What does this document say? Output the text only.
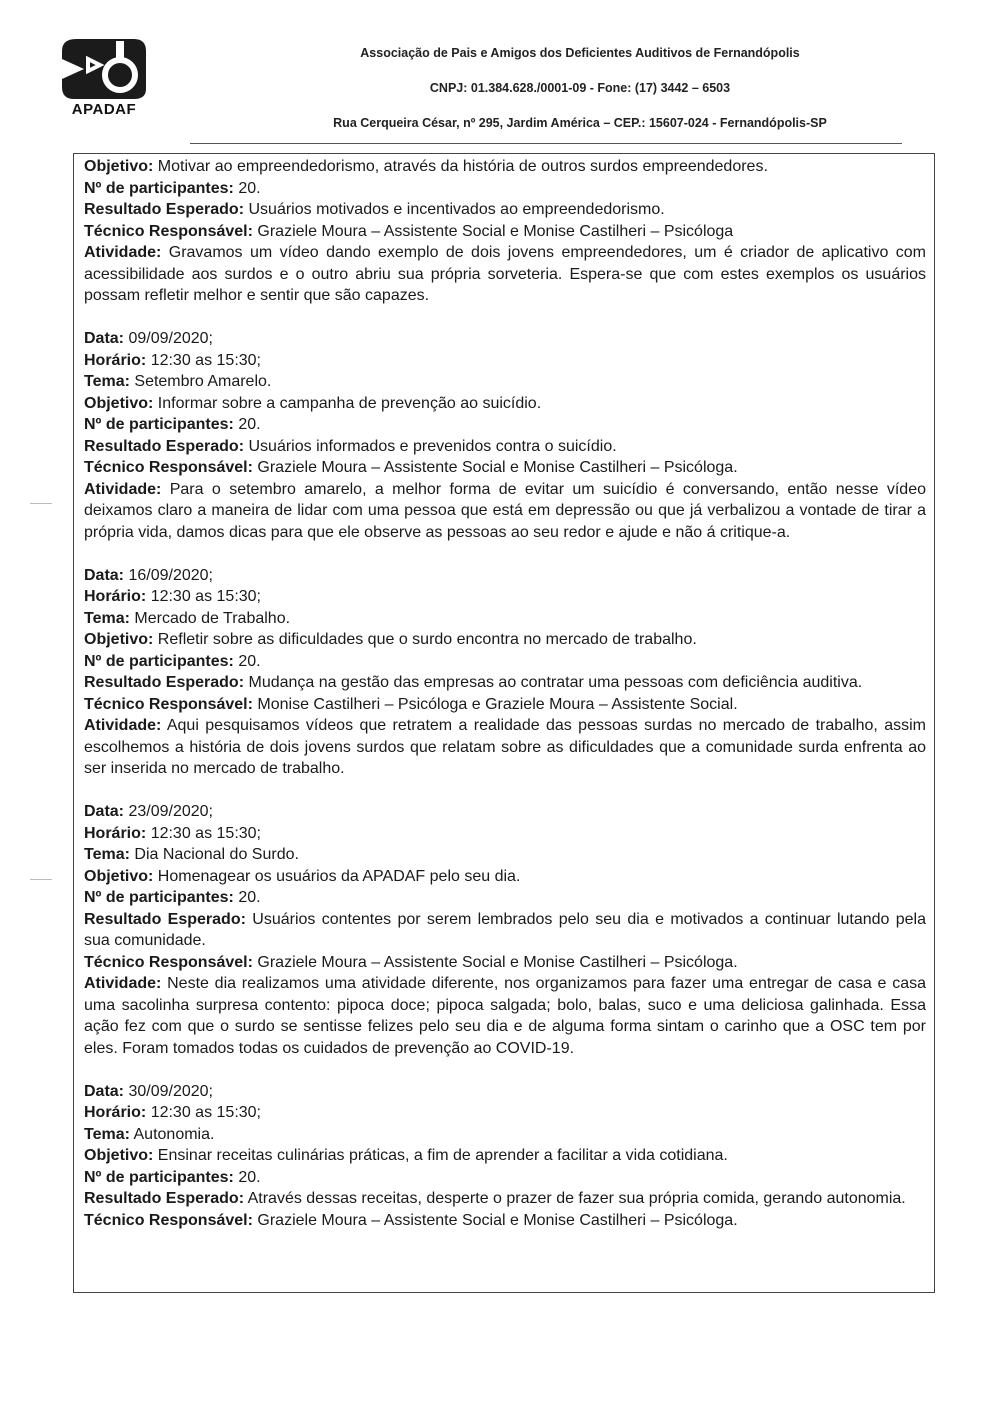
APADAF
Associação de Pais e Amigos dos Deficientes Auditivos de Fernandópolis
CNPJ: 01.384.628./0001-09 - Fone: (17) 3442 – 6503
Rua Cerqueira César, nº 295, Jardim América – CEP.: 15607-024 - Fernandópolis-SP

Objetivo: Motivar ao empreendedorismo, através da história de outros surdos empreendedores.

Nº de participantes: 20.

Resultado Esperado: Usuários motivados e incentivados ao empreendedorismo.

Técnico Responsável: Graziele Moura – Assistente Social e Monise Castilheri – Psicóloga

Atividade: Gravamos um vídeo dando exemplo de dois jovens empreendedores, um é criador de aplicativo com acessibilidade aos surdos e o outro abriu sua própria sorveteria. Espera-se que com estes exemplos os usuários possam refletir melhor e sentir que são capazes.

Data: 09/09/2020;

Horário: 12:30 as 15:30;

Tema: Setembro Amarelo.

Objetivo: Informar sobre a campanha de prevenção ao suicídio.

Nº de participantes: 20.

Resultado Esperado: Usuários informados e prevenidos contra o suicídio.

Técnico Responsável: Graziele Moura – Assistente Social e Monise Castilheri – Psicóloga.

Atividade: Para o setembro amarelo, a melhor forma de evitar um suicídio é conversando, então nesse vídeo deixamos claro a maneira de lidar com uma pessoa que está em depressão ou que já verbalizou a vontade de tirar a própria vida, damos dicas para que ele observe as pessoas ao seu redor e ajude e não á critique-a.

Data: 16/09/2020;

Horário: 12:30 as 15:30;

Tema: Mercado de Trabalho.

Objetivo: Refletir sobre as dificuldades que o surdo encontra no mercado de trabalho.

Nº de participantes: 20.

Resultado Esperado: Mudança na gestão das empresas ao contratar uma pessoas com deficiência auditiva.

Técnico Responsável: Monise Castilheri – Psicóloga e Graziele Moura – Assistente Social.

Atividade: Aqui pesquisamos vídeos que retratem a realidade das pessoas surdas no mercado de trabalho, assim escolhemos a história de dois jovens surdos que relatam sobre as dificuldades que a comunidade surda enfrenta ao ser inserida no mercado de trabalho.

Data: 23/09/2020;

Horário: 12:30 as 15:30;

Tema: Dia Nacional do Surdo.

Objetivo: Homenagear os usuários da APADAF pelo seu dia.

Nº de participantes: 20.

Resultado Esperado: Usuários contentes por serem lembrados pelo seu dia e motivados a continuar lutando pela sua comunidade.

Técnico Responsável: Graziele Moura – Assistente Social e Monise Castilheri – Psicóloga.

Atividade: Neste dia realizamos uma atividade diferente, nos organizamos para fazer uma entregar de casa e casa uma sacolinha surpresa contento: pipoca doce; pipoca salgada; bolo, balas, suco e uma deliciosa galinhada. Essa ação fez com que o surdo se sentisse felizes pelo seu dia e de alguma forma sintam o carinho que a OSC tem por eles. Foram tomados todas os cuidados de prevenção ao COVID-19.

Data: 30/09/2020;

Horário: 12:30 as 15:30;

Tema: Autonomia.

Objetivo: Ensinar receitas culinárias práticas, a fim de aprender a facilitar a vida cotidiana.

Nº de participantes: 20.

Resultado Esperado: Através dessas receitas, desperte o prazer de fazer sua própria comida, gerando autonomia.

Técnico Responsável: Graziele Moura – Assistente Social e Monise Castilheri – Psicóloga.
